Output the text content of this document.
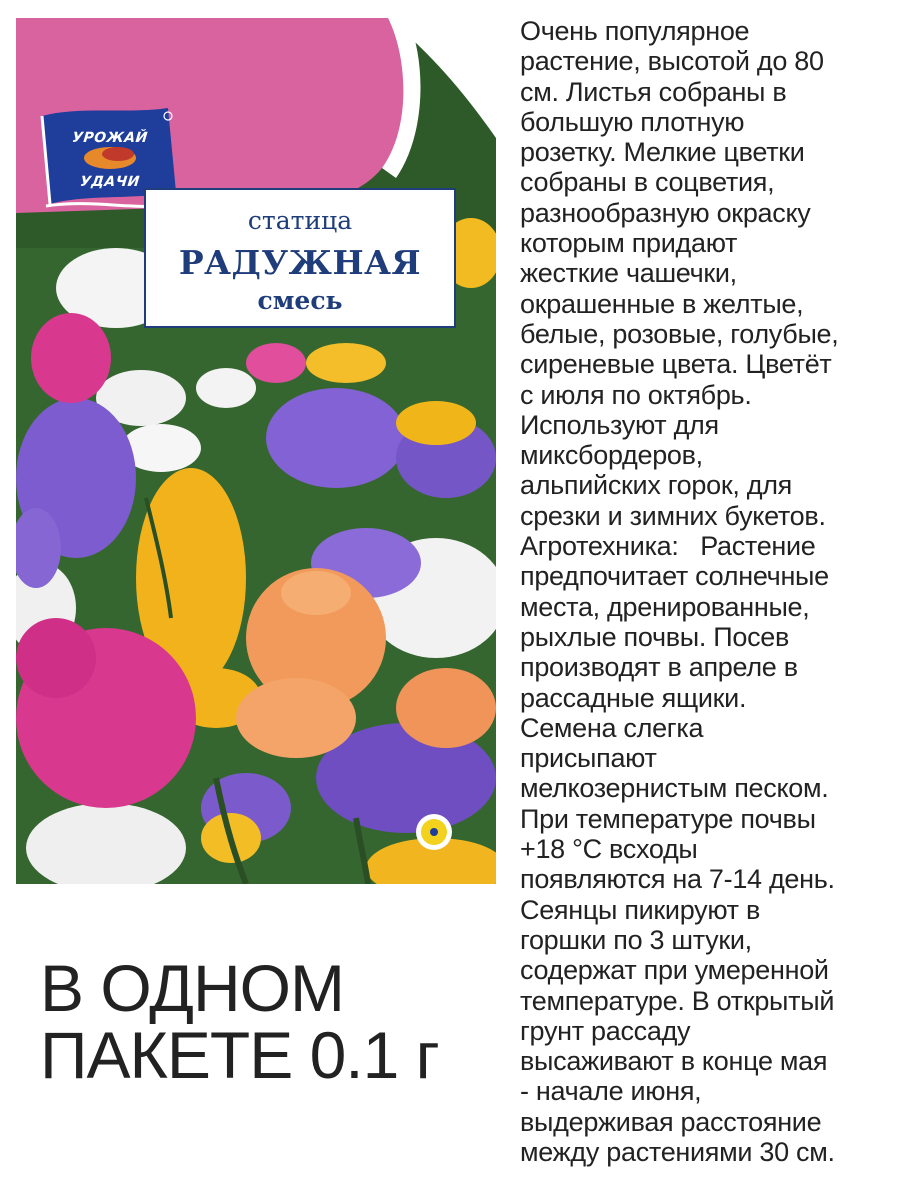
УРОЖАЙ
УДАЧИ
статица
РАДУЖНАЯ
смесь
В ОДНОМ
ПАКЕТЕ 0.1 г
Очень популярное
растение, высотой до 80
см. Листья собраны в
большую плотную
розетку. Мелкие цветки
собраны в соцветия,
разнообразную окраску
которым придают
жесткие чашечки,
окрашенные в желтые,
белые, розовые, голубые,
сиреневые цвета. Цветёт
с июля по октябрь.
Используют для
миксбордеров,
альпийских горок, для
срезки и зимних букетов.
Агротехника:   Растение
предпочитает солнечные
места, дренированные,
рыхлые почвы. Посев
производят в апреле в
рассадные ящики.
Семена слегка
присыпают
мелкозернистым песком.
При температуре почвы
+18 °C всходы
появляются на 7-14 день.
Сеянцы пикируют в
горшки по 3 штуки,
содержат при умеренной
температуре. В открытый
грунт рассаду
высаживают в конце мая
- начале июня,
выдерживая расстояние
между растениями 30 см.
